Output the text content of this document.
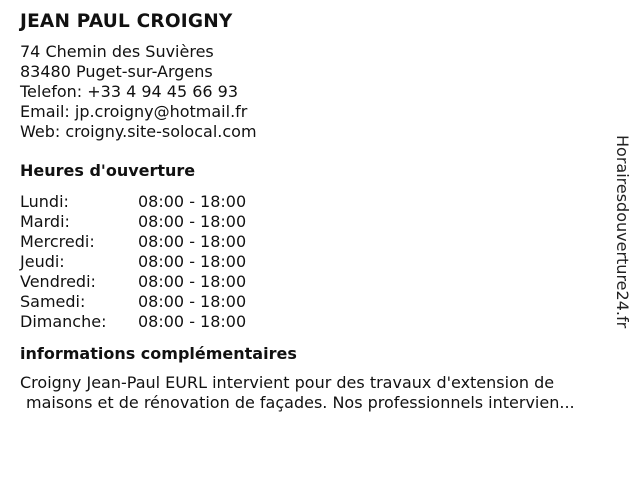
JEAN PAUL CROIGNY
74 Chemin des Suvières
83480 Puget-sur-Argens
Telefon: +33 4 94 45 66 93
Email: jp.croigny@hotmail.fr
Web: croigny.site-solocal.com
Heures d'ouverture
Lundi:	08:00 - 18:00
Mardi:	08:00 - 18:00
Mercredi:	08:00 - 18:00
Jeudi:	08:00 - 18:00
Vendredi:	08:00 - 18:00
Samedi:	08:00 - 18:00
Dimanche:	08:00 - 18:00
informations complémentaires
Croigny Jean-Paul EURL intervient pour des travaux d'extension de
maisons et de rénovation de façades. Nos professionnels intervien...
Horairesdouverture24.fr
